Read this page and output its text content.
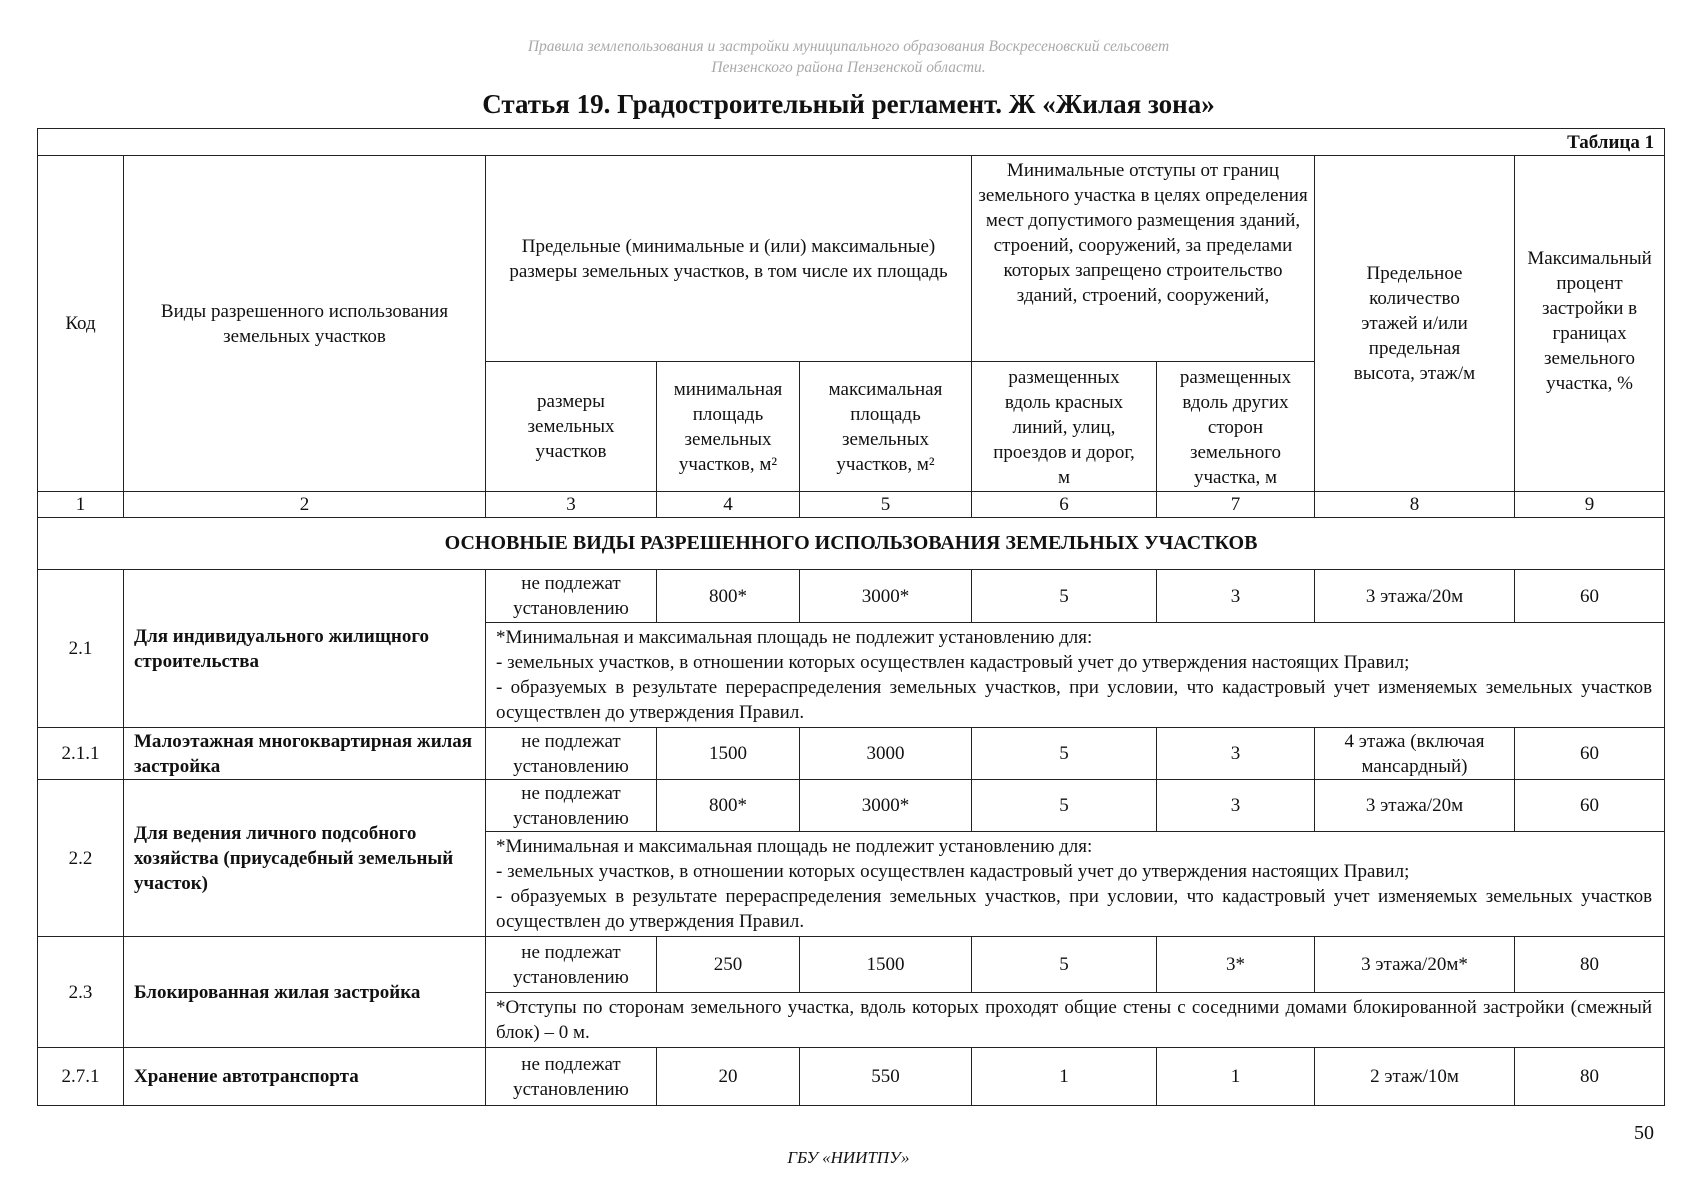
Правила землепользования и застройки муниципального образования Воскресеновский сельсовет
Пензенского района Пензенской области.
Статья 19. Градостроительный регламент. Ж «Жилая зона»
Таблица 1								
Код	Виды разрешенного использования земельных участков	Предельные (минимальные и (или) максимальные) размеры земельных участков, в том числе их площадь			Минимальные отступы от границ земельного участка в целях определения мест допустимого размещения зданий, строений, сооружений, за пределами которых запрещено строительство зданий, строений, сооружений,		Предельное количество этажей и/или предельная высота, этаж/м	Максимальный процент застройки в границах земельного участка, %
		размеры земельных участков	минимальная площадь земельных участков, м²	максимальная площадь земельных участков, м²	размещенных вдоль красных линий, улиц, проездов и дорог, м	размещенных вдоль других сторон земельного участка, м		
1	2	3	4	5	6	7	8	9
ОСНОВНЫЕ ВИДЫ РАЗРЕШЕННОГО ИСПОЛЬЗОВАНИЯ ЗЕМЕЛЬНЫХ УЧАСТКОВ								
2.1	Для индивидуального жилищного строительства	не подлежат установлению	800*	3000*	5	3	3 этажа/20м	60

		*Минимальная и максимальная площадь не подлежит установлению для:
- земельных участков, в отношении которых осуществлен кадастровый учет до утверждения настоящих Правил;
- образуемых в результате перераспределения земельных участков, при условии, что кадастровый учет изменяемых земельных участков осуществлен до утверждения Правил.						

2.1.1	Малоэтажная многоквартирная жилая застройка	не подлежат установлению	1500	3000	5	3	4 этажа (включая мансардный)	60
2.2	Для ведения личного подсобного хозяйства (приусадебный земельный участок)	не подлежат установлению	800*	3000*	5	3	3 этажа/20м	60

		*Минимальная и максимальная площадь не подлежит установлению для:
- земельных участков, в отношении которых осуществлен кадастровый учет до утверждения настоящих Правил;
- образуемых в результате перераспределения земельных участков, при условии, что кадастровый учет изменяемых земельных участков осуществлен до утверждения Правил.						

2.3	Блокированная жилая застройка	не подлежат установлению	250	1500	5	3*	3 этажа/20м*	80

		*Отступы по сторонам земельного участка, вдоль которых проходят общие стены с соседними домами блокированной застройки (смежный блок) – 0 м.						

2.7.1	Хранение автотранспорта	не подлежат установлению	20	550	1	1	2 этаж/10м	80
50
ГБУ «НИИТПУ»
